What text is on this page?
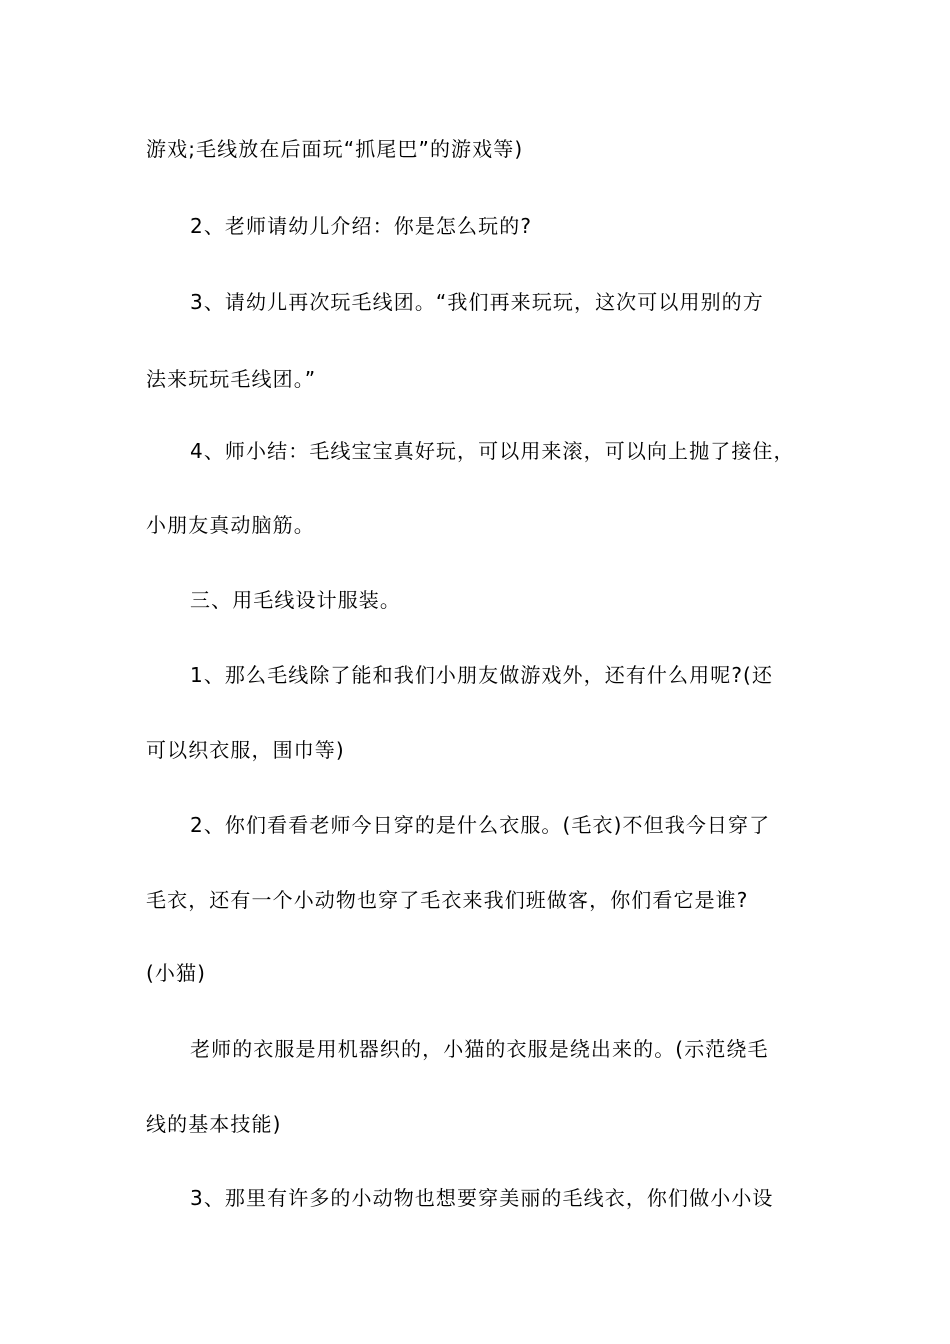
游戏;毛线放在后面玩“抓尾巴”的游戏等)
2、老师请幼儿介绍：你是怎么玩的?
3、请幼儿再次玩毛线团。“我们再来玩玩，这次可以用别的方
法来玩玩毛线团。”
4、师小结：毛线宝宝真好玩，可以用来滚，可以向上抛了接住，
小朋友真动脑筋。
三、用毛线设计服装。
1、那么毛线除了能和我们小朋友做游戏外，还有什么用呢?(还
可以织衣服，围巾等)
2、你们看看老师今日穿的是什么衣服。(毛衣)不但我今日穿了
毛衣，还有一个小动物也穿了毛衣来我们班做客，你们看它是谁?
(小猫)
老师的衣服是用机器织的，小猫的衣服是绕出来的。(示范绕毛
线的基本技能)
3、那里有许多的小动物也想要穿美丽的毛线衣，你们做小小设
